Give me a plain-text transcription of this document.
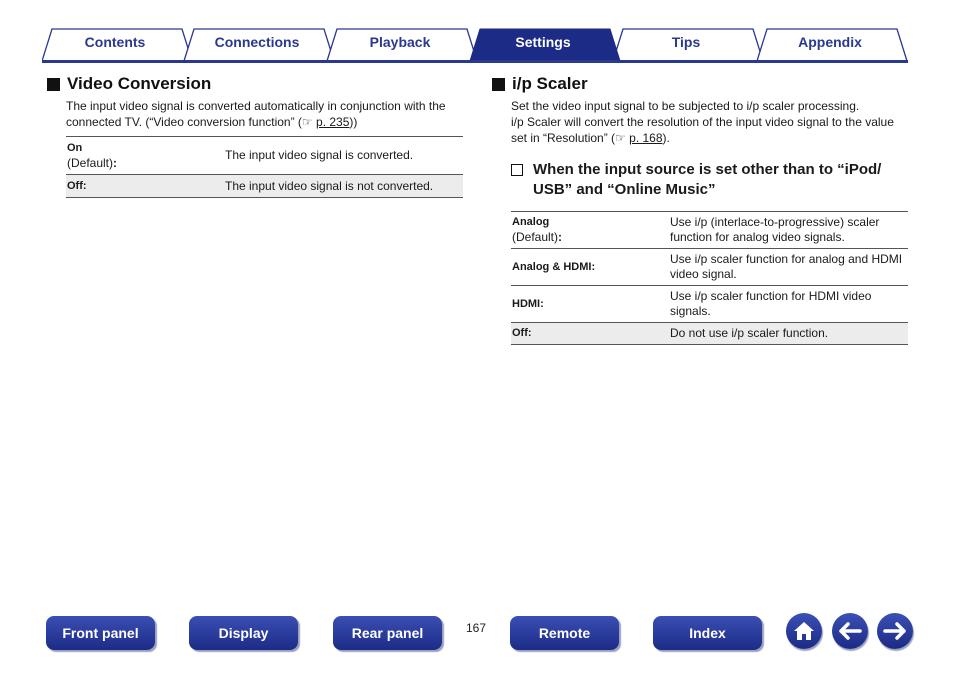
Contents	Connections	Playback	Settings	Tips	Appendix
Video Conversion
The input video signal is converted automatically in conjunction with the connected TV. (“Video conversion function” (☞ p. 235))
On
(Default):	The input video signal is converted.
Off:	The input video signal is not converted.
i/p Scaler
Set the video input signal to be subjected to i/p scaler processing.
i/p Scaler will convert the resolution of the input video signal to the value set in “Resolution” (☞ p. 168).
When the input source is set other than to “iPod/ USB” and “Online Music”
Analog
(Default):	Use i/p (interlace-to-progressive) scaler function for analog video signals.
Analog & HDMI:	Use i/p scaler function for analog and HDMI video signal.
HDMI:	Use i/p scaler function for HDMI video signals.
Off:	Do not use i/p scaler function.
Front panel	Display	Rear panel	167	Remote	Index
